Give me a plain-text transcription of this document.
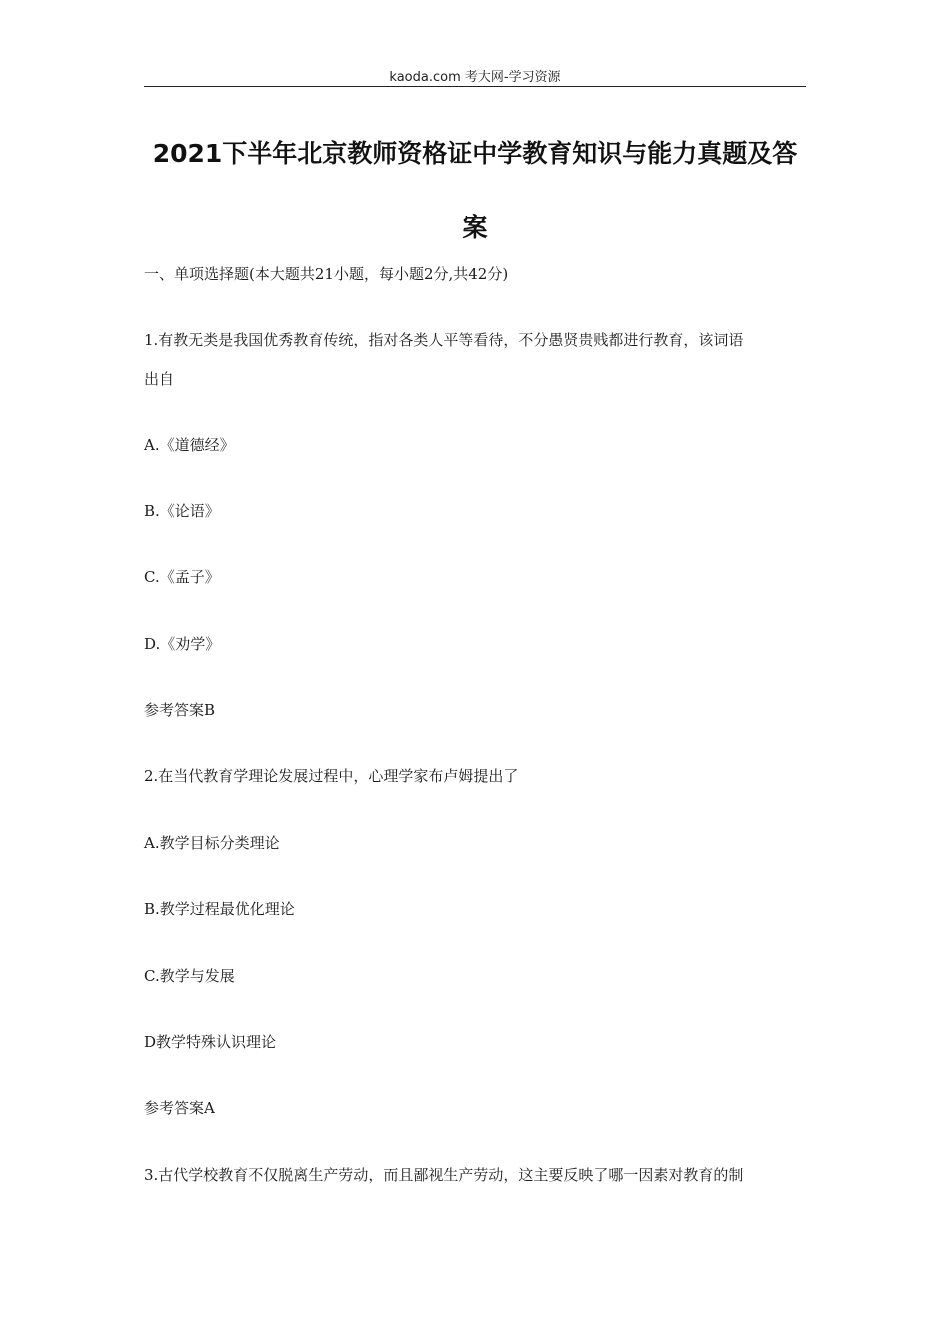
kaoda.com 考大网-学习资源
2021下半年北京教师资格证中学教育知识与能力真题及答
案
一、单项选择题(本大题共21小题，每小题2分,共42分)
1.有教无类是我国优秀教育传统，指对各类人平等看待，不分愚贤贵贱都进行教育，该词语
出自
A.《道德经》
B.《论语》
C.《孟子》
D.《劝学》
参考答案B
2.在当代教育学理论发展过程中，心理学家布卢姆提出了
A.教学目标分类理论
B.教学过程最优化理论
C.教学与发展
D教学特殊认识理论
参考答案A
3.古代学校教育不仅脱离生产劳动，而且鄙视生产劳动，这主要反映了哪一因素对教育的制
